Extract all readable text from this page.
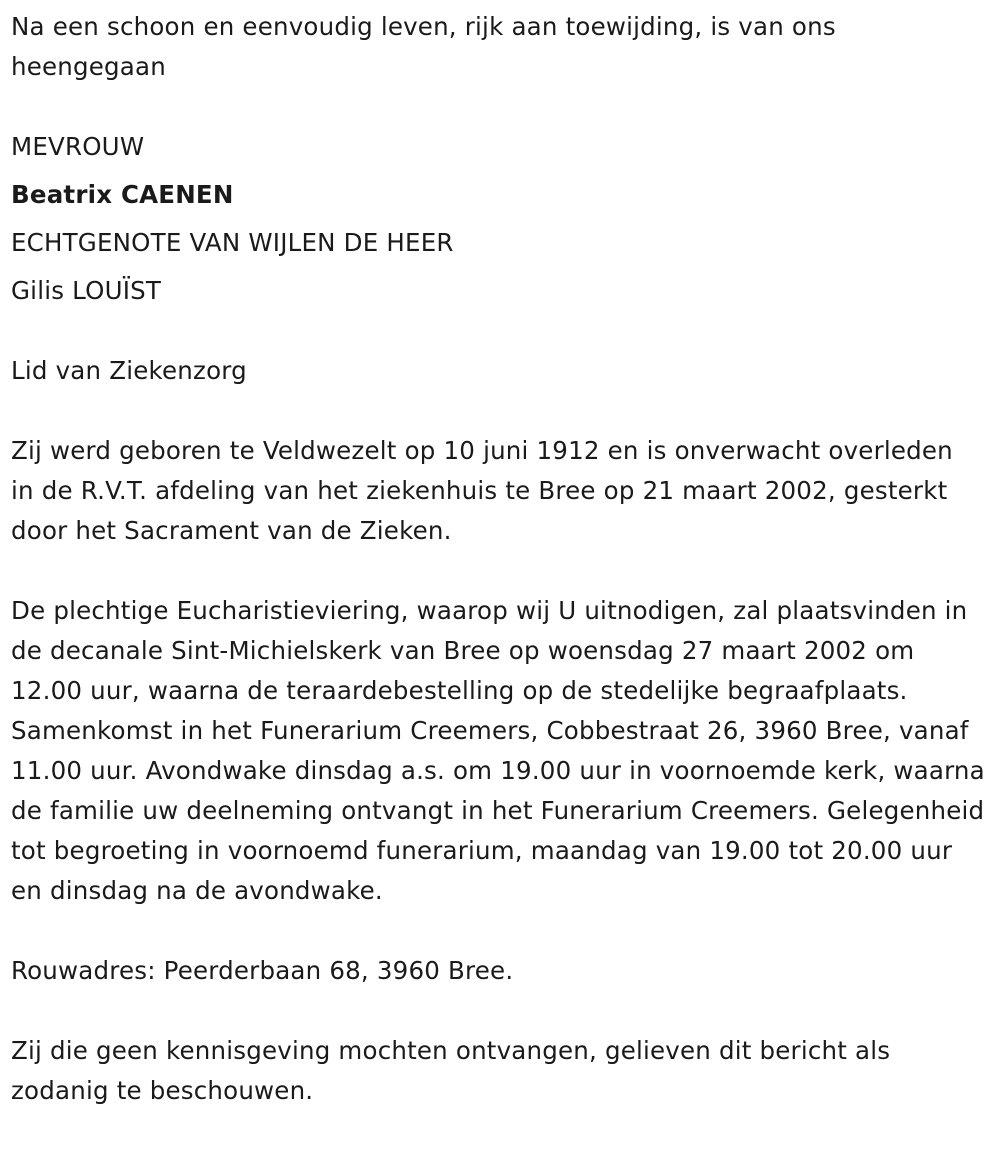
Na een schoon en eenvoudig leven, rijk aan toewijding, is van ons heengegaan

MEVROUW

Beatrix CAENEN

ECHTGENOTE VAN WIJLEN DE HEER

Gilis LOUÏST

Lid van Ziekenzorg

Zij werd geboren te Veldwezelt op 10 juni 1912 en is onverwacht overleden in de R.V.T. afdeling van het ziekenhuis te Bree op 21 maart 2002, gesterkt door het Sacrament van de Zieken.

De plechtige Eucharistieviering, waarop wij U uitnodigen, zal plaatsvinden in de decanale Sint-Michielskerk van Bree op woensdag 27 maart 2002 om 12.00 uur, waarna de teraardebestelling op de stedelijke begraafplaats. Samenkomst in het Funerarium Creemers, Cobbestraat 26, 3960 Bree, vanaf 11.00 uur. Avondwake dinsdag a.s. om 19.00 uur in voornoemde kerk, waarna de familie uw deelneming ontvangt in het Funerarium Creemers. Gelegenheid tot begroeting in voornoemd funerarium, maandag van 19.00 tot 20.00 uur en dinsdag na de avondwake.

Rouwadres: Peerderbaan 68, 3960 Bree.

Zij die geen kennisgeving mochten ontvangen, gelieven dit bericht als zodanig te beschouwen.
